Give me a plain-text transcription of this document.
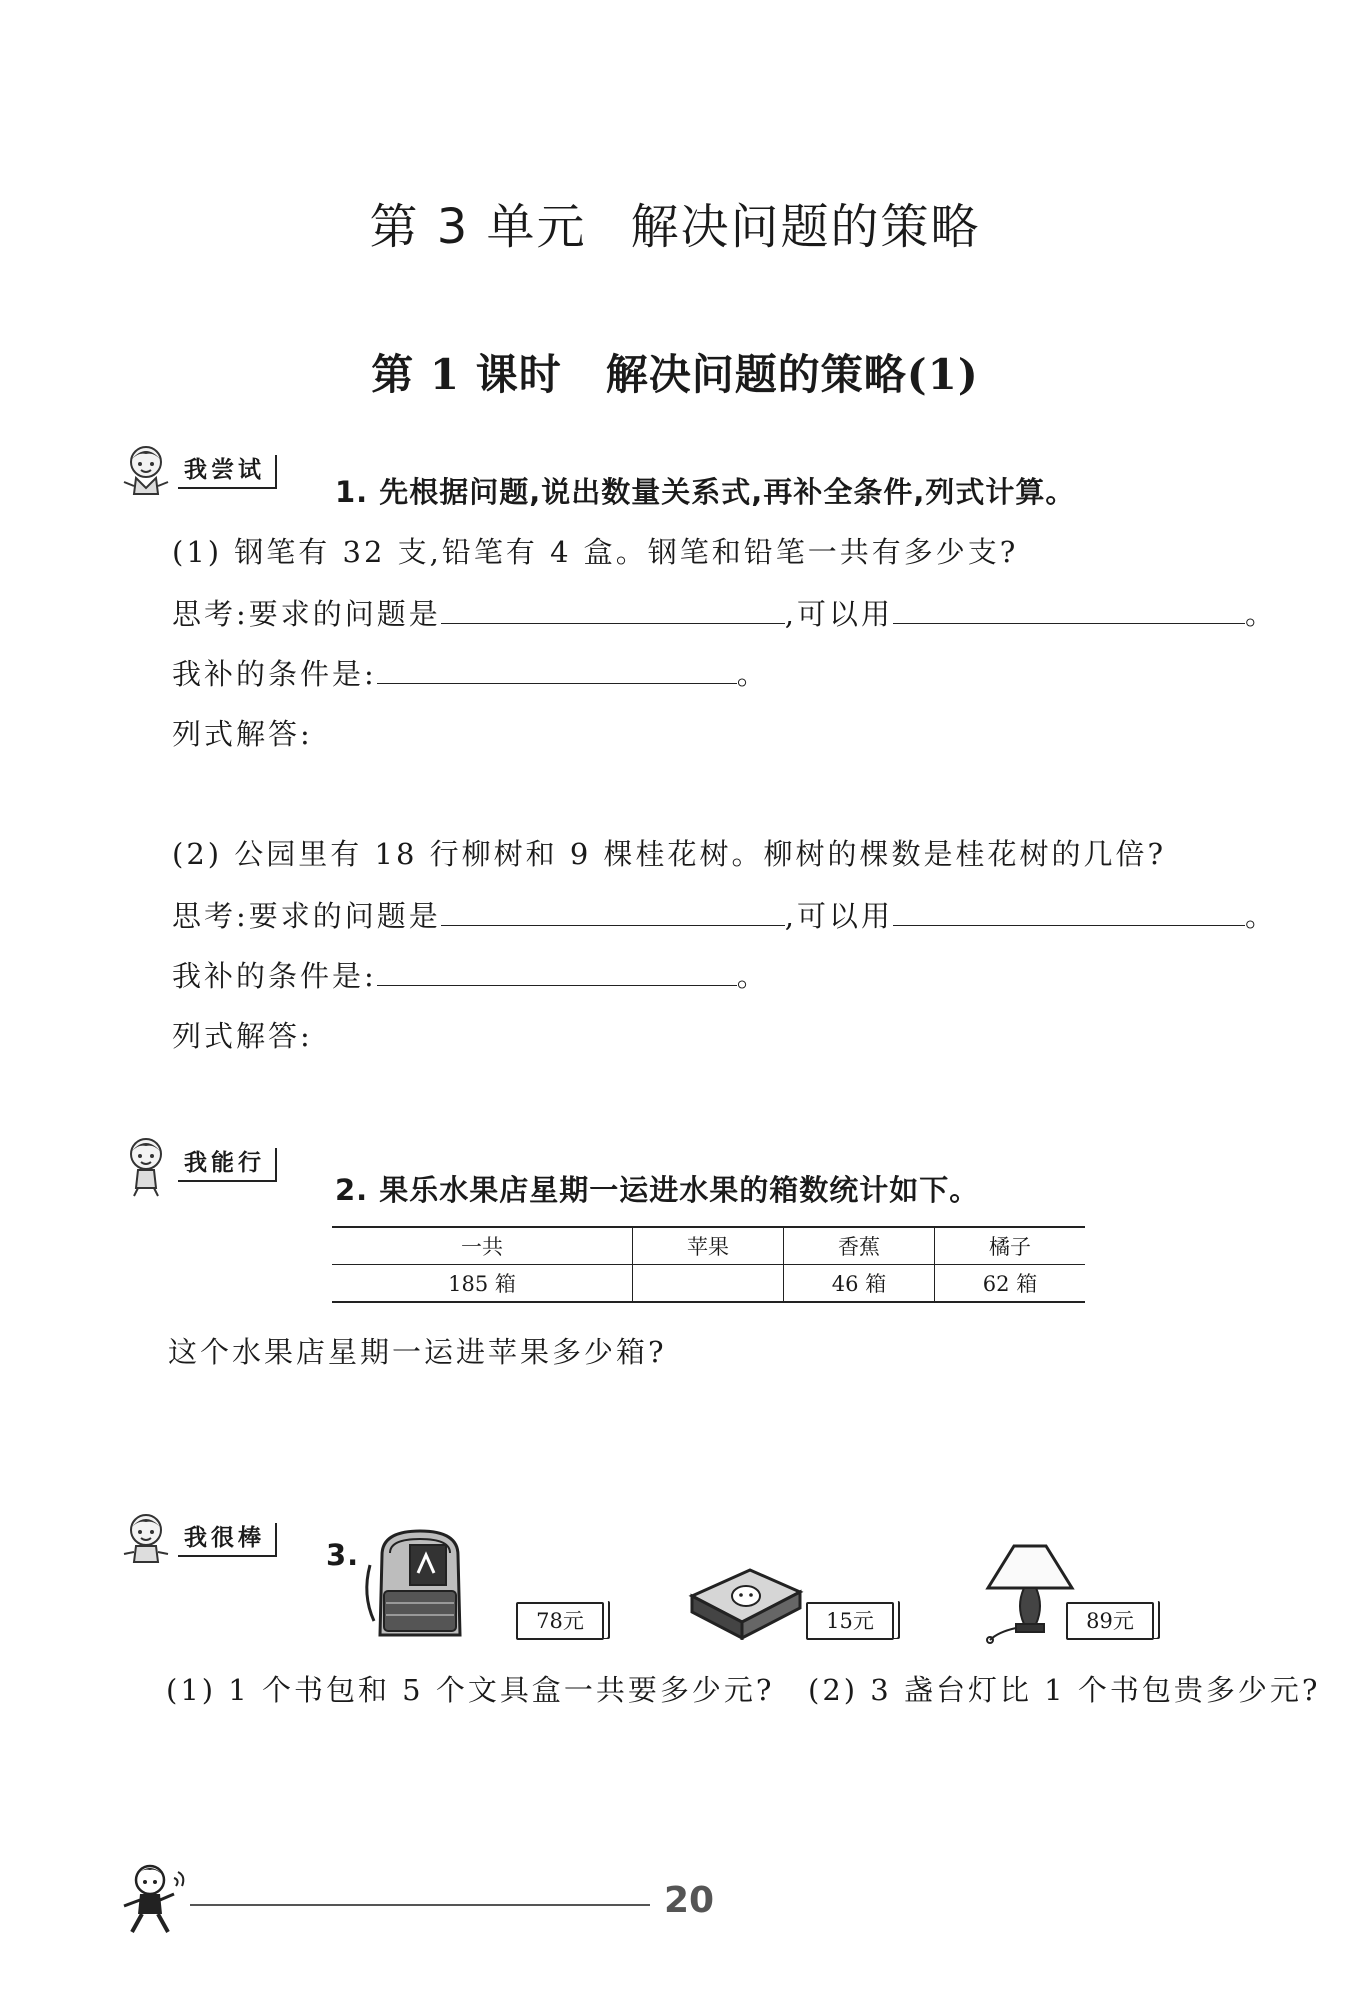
第 3 单元 解决问题的策略
第 1 课时 解决问题的策略(1)
我尝试
1. 先根据问题,说出数量关系式,再补全条件,列式计算。
(1) 钢笔有 32 支,铅笔有 4 盒。钢笔和铅笔一共有多少支?
思考:要求的问题是	,可以用	。
我补的条件是:	。
列式解答:
(2) 公园里有 18 行柳树和 9 棵桂花树。柳树的棵数是桂花树的几倍?
思考:要求的问题是	,可以用	。
我补的条件是:	。
列式解答:
我能行
2. 果乐水果店星期一运进水果的箱数统计如下。
一共	苹果	香蕉	橘子
185 箱		46 箱	62 箱
这个水果店星期一运进苹果多少箱?
我很棒	3.
78元	15元	89元
(1) 1 个书包和 5 个文具盒一共要多少元? (2) 3 盏台灯比 1 个书包贵多少元?
20
